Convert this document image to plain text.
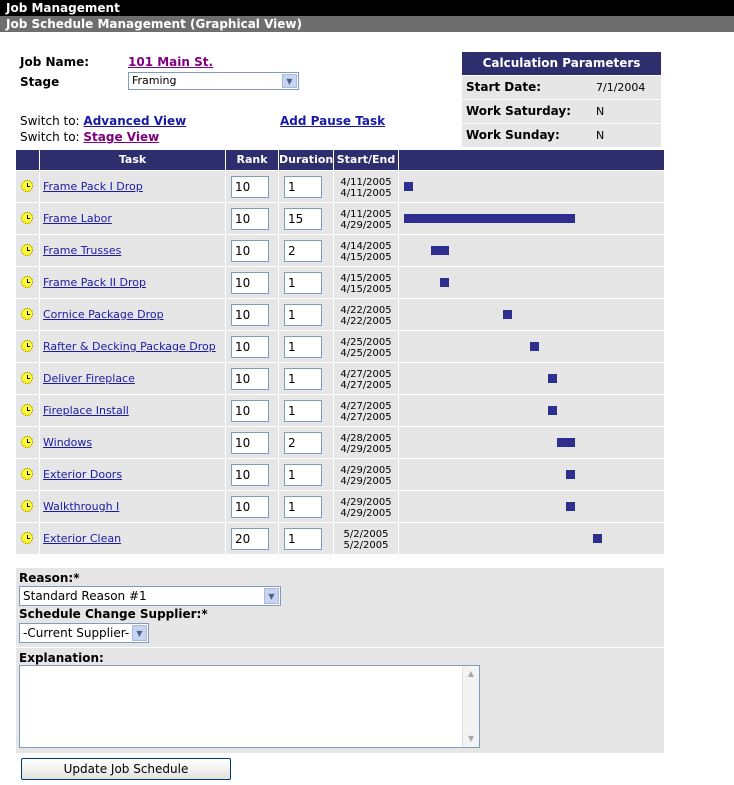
Job Management
Job Schedule Management (Graphical View)
Job Name:	101 Main St.
Stage	Framing	▼
Switch to: Advanced View
Switch to: Stage View
Add Pause Task
Calculation Parameters
Start Date:	7/1/2004
Work Saturday:	N
Work Sunday:	N
Task	Rank	Duration Start/End
Frame Pack I Drop	10	1	4/11/2005
4/11/2005
Frame Labor	10	15	4/11/2005
4/29/2005
Frame Trusses	10	2	4/14/2005
4/15/2005
Frame Pack II Drop	10	1	4/15/2005
4/15/2005
Cornice Package Drop	10	1	4/22/2005
4/22/2005
Rafter & Decking Package Drop	10	1	4/25/2005
4/25/2005
Deliver Fireplace	10	1	4/27/2005
4/27/2005
Fireplace Install	10	1	4/27/2005
4/27/2005
Windows	10	2	4/28/2005
4/29/2005
Exterior Doors	10	1	4/29/2005
4/29/2005
Walkthrough I	10	1	4/29/2005
4/29/2005
Exterior Clean	20	1	5/2/2005
5/2/2005
Reason:*
Standard Reason #1	▼
Schedule Change Supplier:*
-Current Supplier- ▼
Explanation:
▲
▼
Update Job Schedule
